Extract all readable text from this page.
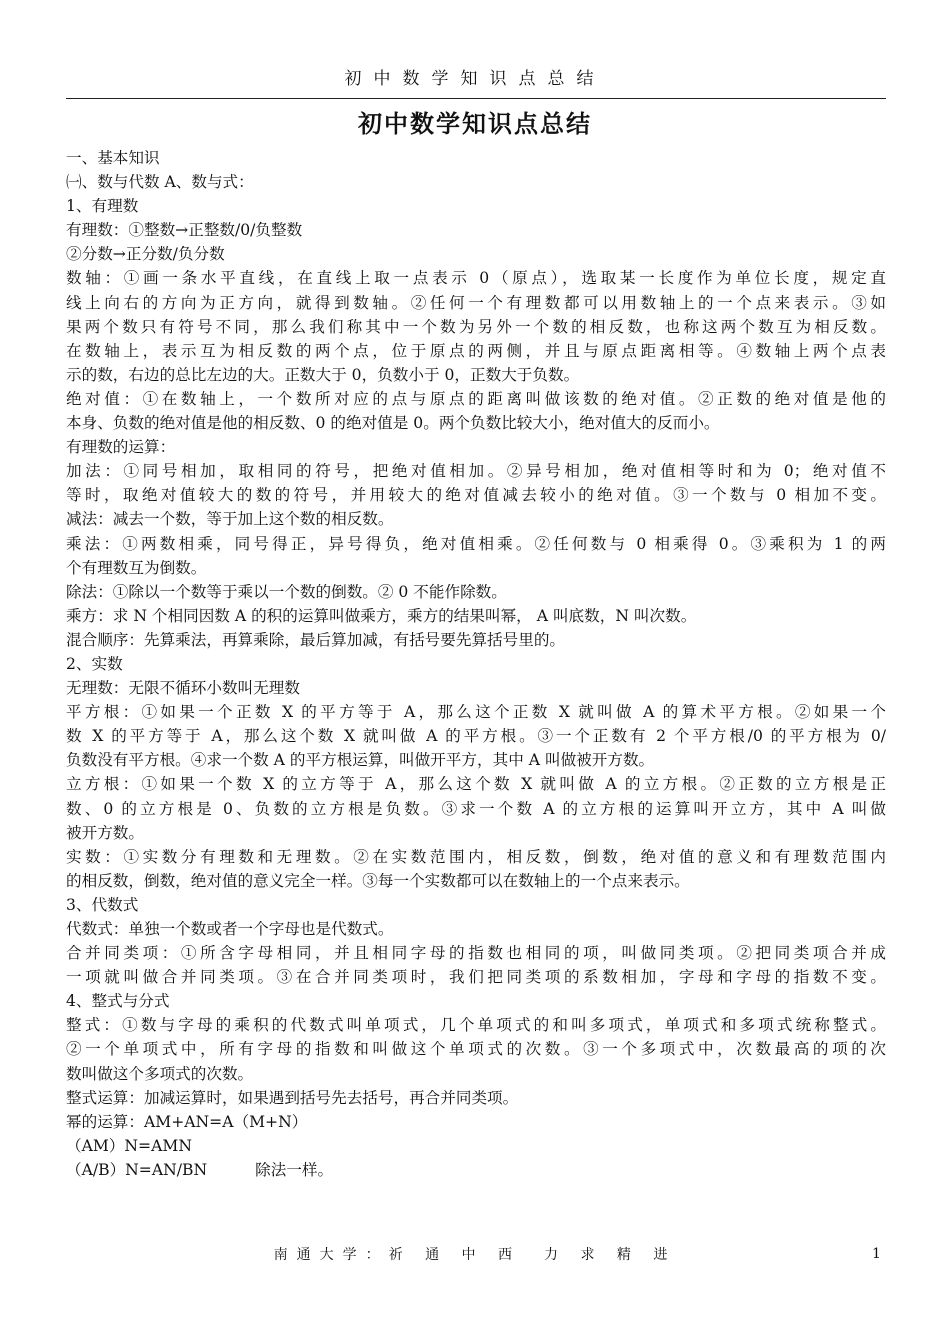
初中数学知识点总结
初中数学知识点总结
一、基本知识
㈠、数与代数 A、数与式：
1、有理数
有理数：①整数→正整数/0/负整数
②分数→正分数/负分数
数轴：①画一条水平直线，在直线上取一点表示 0（原点），选取某一长度作为单位长度，规定直
线上向右的方向为正方向，就得到数轴。②任何一个有理数都可以用数轴上的一个点来表示。③如
果两个数只有符号不同，那么我们称其中一个数为另外一个数的相反数，也称这两个数互为相反数。
在数轴上，表示互为相反数的两个点，位于原点的两侧，并且与原点距离相等。④数轴上两个点表
示的数，右边的总比左边的大。正数大于 0，负数小于 0，正数大于负数。
绝对值：①在数轴上，一个数所对应的点与原点的距离叫做该数的绝对值。②正数的绝对值是他的
本身、负数的绝对值是他的相反数、0 的绝对值是 0。两个负数比较大小，绝对值大的反而小。
有理数的运算：
加法：①同号相加，取相同的符号，把绝对值相加。②异号相加，绝对值相等时和为 0；绝对值不
等时，取绝对值较大的数的符号，并用较大的绝对值减去较小的绝对值。③一个数与 0 相加不变。
减法：减去一个数，等于加上这个数的相反数。
乘法：①两数相乘，同号得正，异号得负，绝对值相乘。②任何数与 0 相乘得 0。③乘积为 1 的两
个有理数互为倒数。
除法：①除以一个数等于乘以一个数的倒数。② 0 不能作除数。
乘方：求 N 个相同因数 A 的积的运算叫做乘方，乘方的结果叫幂， A 叫底数，N 叫次数。
混合顺序：先算乘法，再算乘除，最后算加减，有括号要先算括号里的。
2、实数
无理数：无限不循环小数叫无理数
平方根：①如果一个正数 X 的平方等于 A，那么这个正数 X 就叫做 A 的算术平方根。②如果一个
数 X 的平方等于 A，那么这个数 X 就叫做 A 的平方根。③一个正数有 2 个平方根/0 的平方根为 0/
负数没有平方根。④求一个数 A 的平方根运算，叫做开平方，其中 A 叫做被开方数。
立方根：①如果一个数 X 的立方等于 A，那么这个数 X 就叫做 A 的立方根。②正数的立方根是正
数、0 的立方根是 0、负数的立方根是负数。③求一个数 A 的立方根的运算叫开立方，其中 A 叫做
被开方数。
实数：①实数分有理数和无理数。②在实数范围内，相反数，倒数，绝对值的意义和有理数范围内
的相反数，倒数，绝对值的意义完全一样。③每一个实数都可以在数轴上的一个点来表示。
3、代数式
代数式：单独一个数或者一个字母也是代数式。
合并同类项：①所含字母相同，并且相同字母的指数也相同的项，叫做同类项。②把同类项合并成
一项就叫做合并同类项。③在合并同类项时，我们把同类项的系数相加，字母和字母的指数不变。
4、整式与分式
整式：①数与字母的乘积的代数式叫单项式，几个单项式的和叫多项式，单项式和多项式统称整式。
②一个单项式中，所有字母的指数和叫做这个单项式的次数。③一个多项式中，次数最高的项的次
数叫做这个多项式的次数。
整式运算：加减运算时，如果遇到括号先去括号，再合并同类项。
幂的运算：AM+AN=A（M+N）
（AM）N=AMN
（A/B）N=AN/BN	除法一样。
南通大学：祈 通 中 西　力 求 精 进	1
